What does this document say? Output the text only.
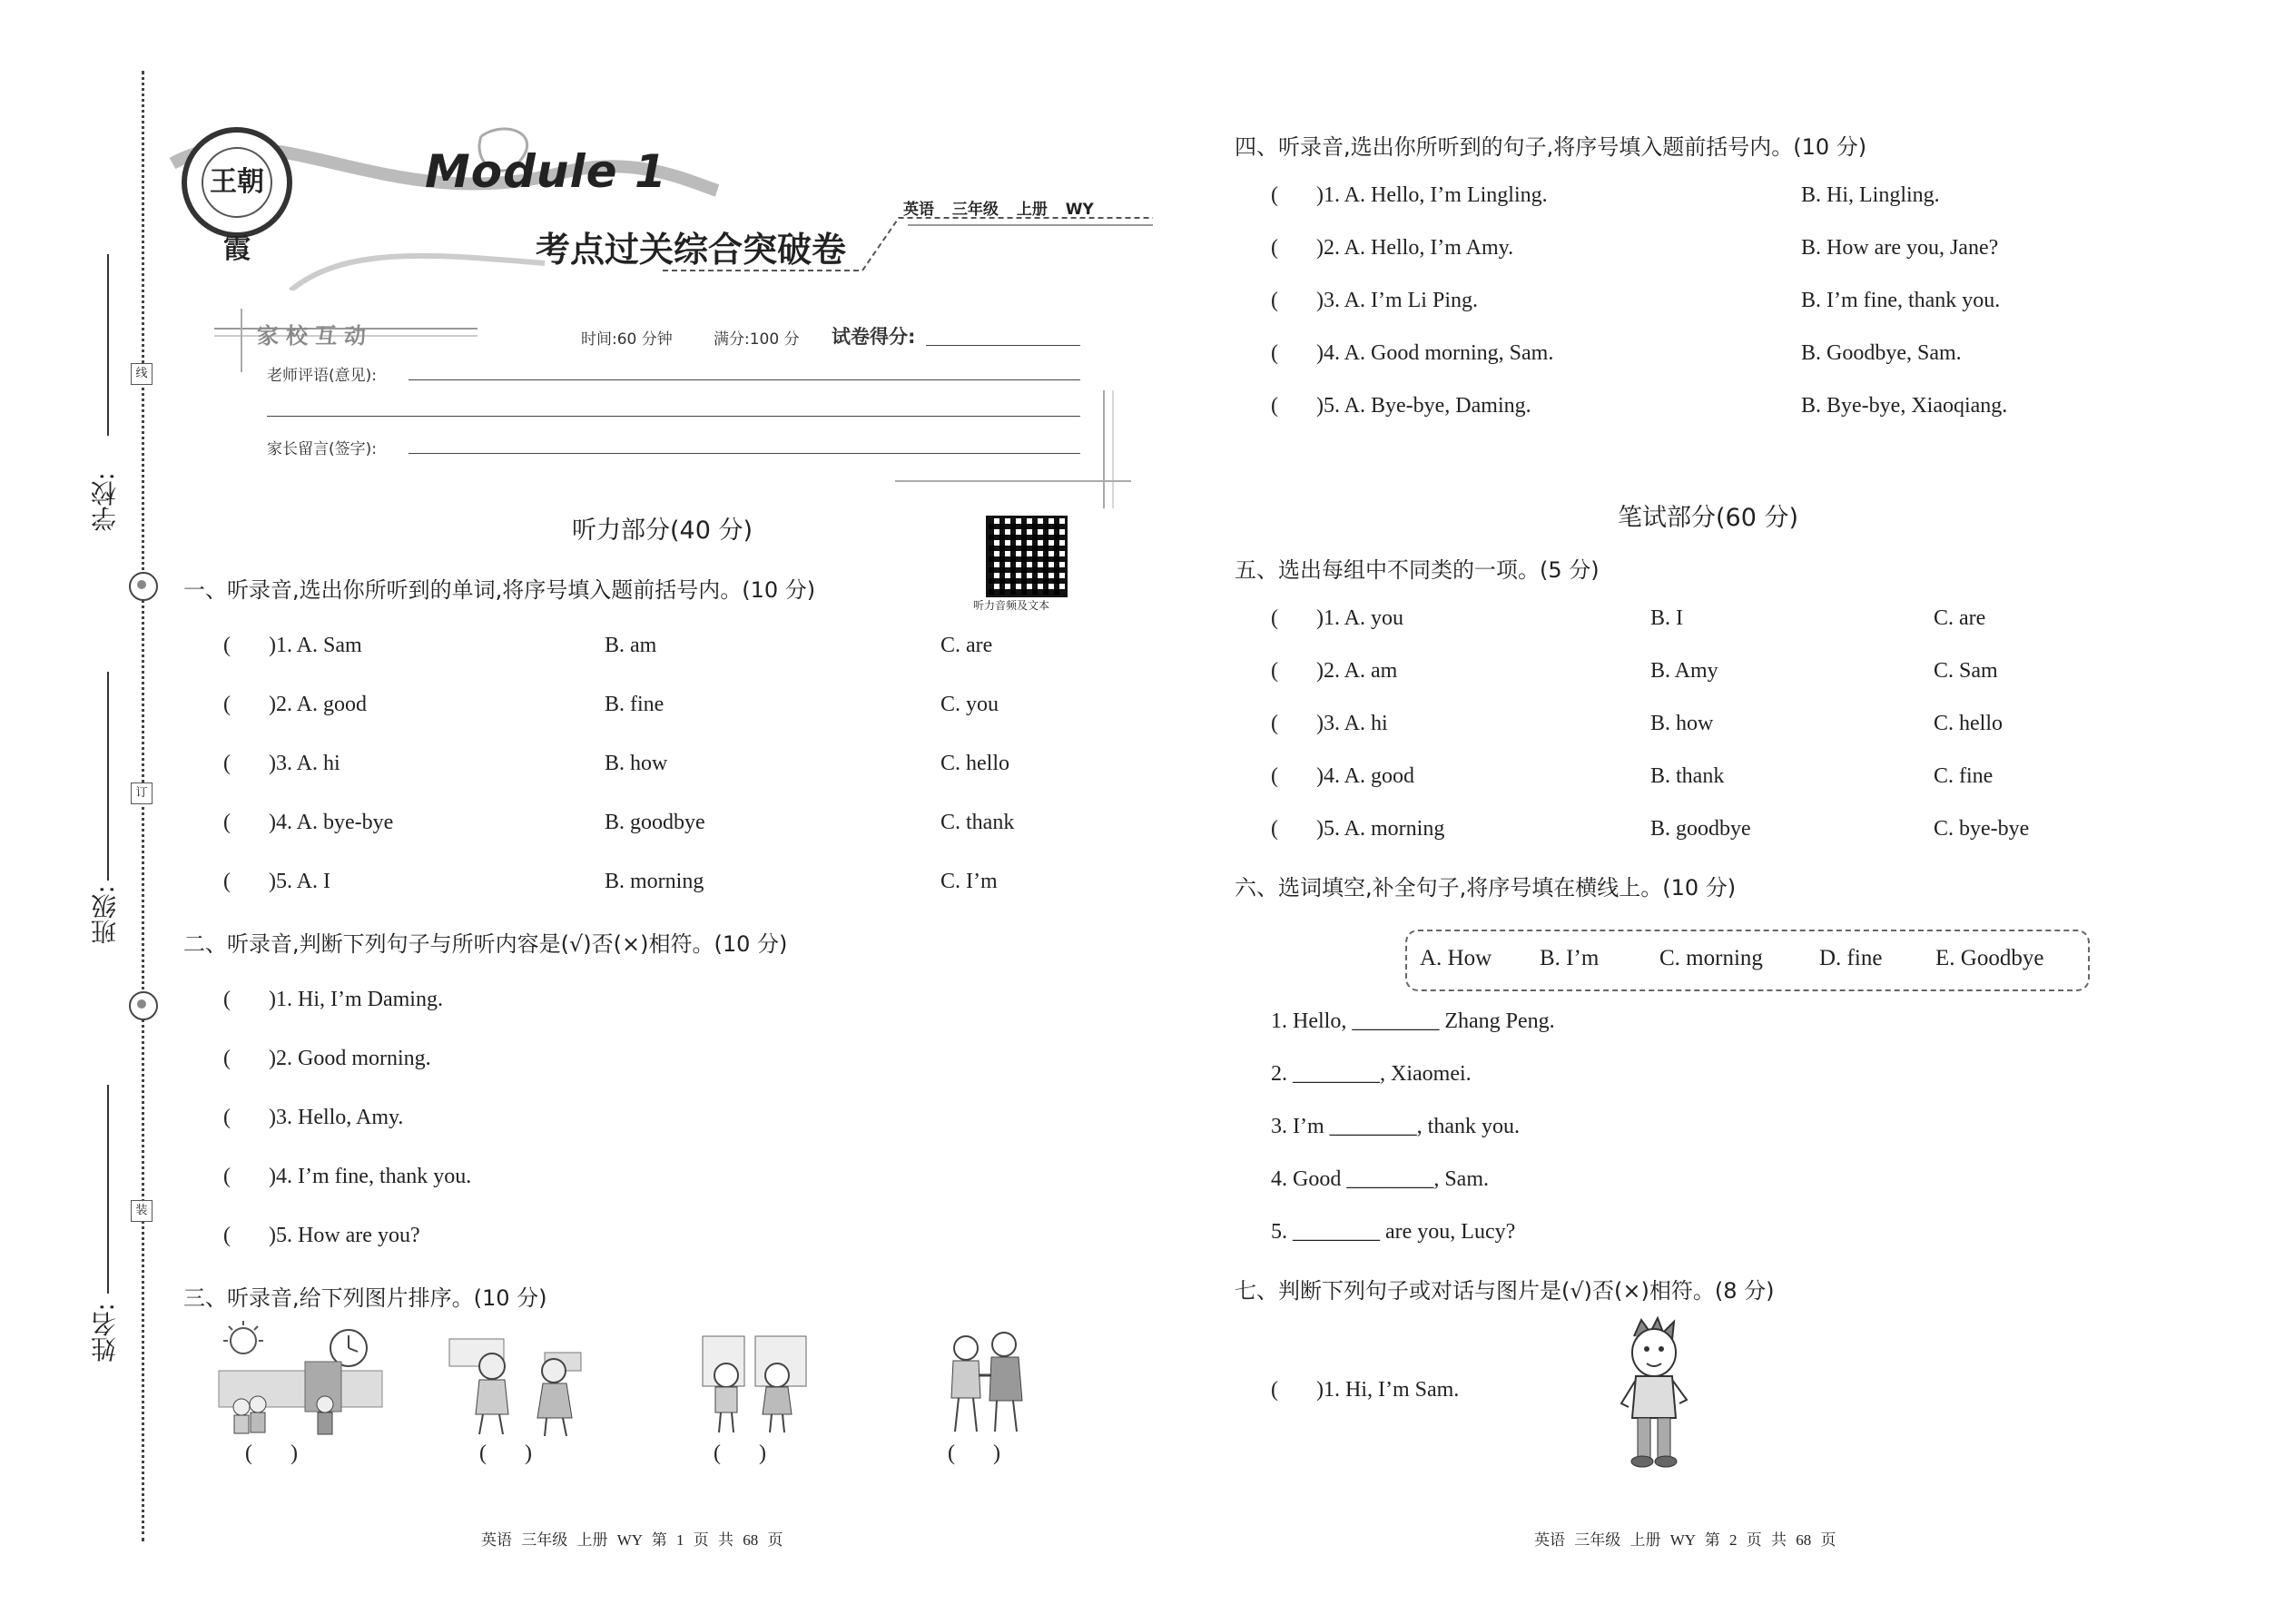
学校:
班级:
姓名:
线
订
装
王朝霞
Module 1
英语 三年级 上册 WY
考点过关综合突破卷
家校互动	时间:60 分钟	满分:100 分 试卷得分:
老师评语(意见):
家长留言(签字):
听力部分(40 分)
听力音频及文本
一、听录音,选出你所听到的单词,将序号填入题前括号内。(10 分)
(       )1. A. Sam	B. am	C. are
(       )2. A. good	B. fine	C. you
(       )3. A. hi	B. how	C. hello
(       )4. A. bye-bye	B. goodbye	C. thank
(       )5. A. I	B. morning	C. I’m
二、听录音,判断下列句子与所听内容是(√)否(×)相符。(10 分)
(       )1. Hi, I’m Daming.
(       )2. Good morning.
(       )3. Hello, Amy.
(       )4. I’m fine, thank you.
(       )5. How are you?
三、听录音,给下列图片排序。(10 分)
(       )	(       )	(       )	(       )
英语 三年级 上册 WY 第 1 页 共 68 页
四、听录音,选出你所听到的句子,将序号填入题前括号内。(10 分)
(       )1. A. Hello, I’m Lingling.	B. Hi, Lingling.
(       )2. A. Hello, I’m Amy.	B. How are you, Jane?
(       )3. A. I’m Li Ping.	B. I’m fine, thank you.
(       )4. A. Good morning, Sam.	B. Goodbye, Sam.
(       )5. A. Bye-bye, Daming.	B. Bye-bye, Xiaoqiang.
笔试部分(60 分)
五、选出每组中不同类的一项。(5 分)
(       )1. A. you	B. I	C. are
(       )2. A. am	B. Amy	C. Sam
(       )3. A. hi	B. how	C. hello
(       )4. A. good	B. thank	C. fine
(       )5. A. morning	B. goodbye	C. bye-bye
六、选词填空,补全句子,将序号填在横线上。(10 分)
A. How B. I’m	C. morning D. fine E. Goodbye
1. Hello, ________ Zhang Peng.
2. ________, Xiaomei.
3. I’m ________, thank you.
4. Good ________, Sam.
5. ________ are you, Lucy?
七、判断下列句子或对话与图片是(√)否(×)相符。(8 分)
(       )1. Hi, I’m Sam.
英语 三年级 上册 WY 第 2 页 共 68 页
